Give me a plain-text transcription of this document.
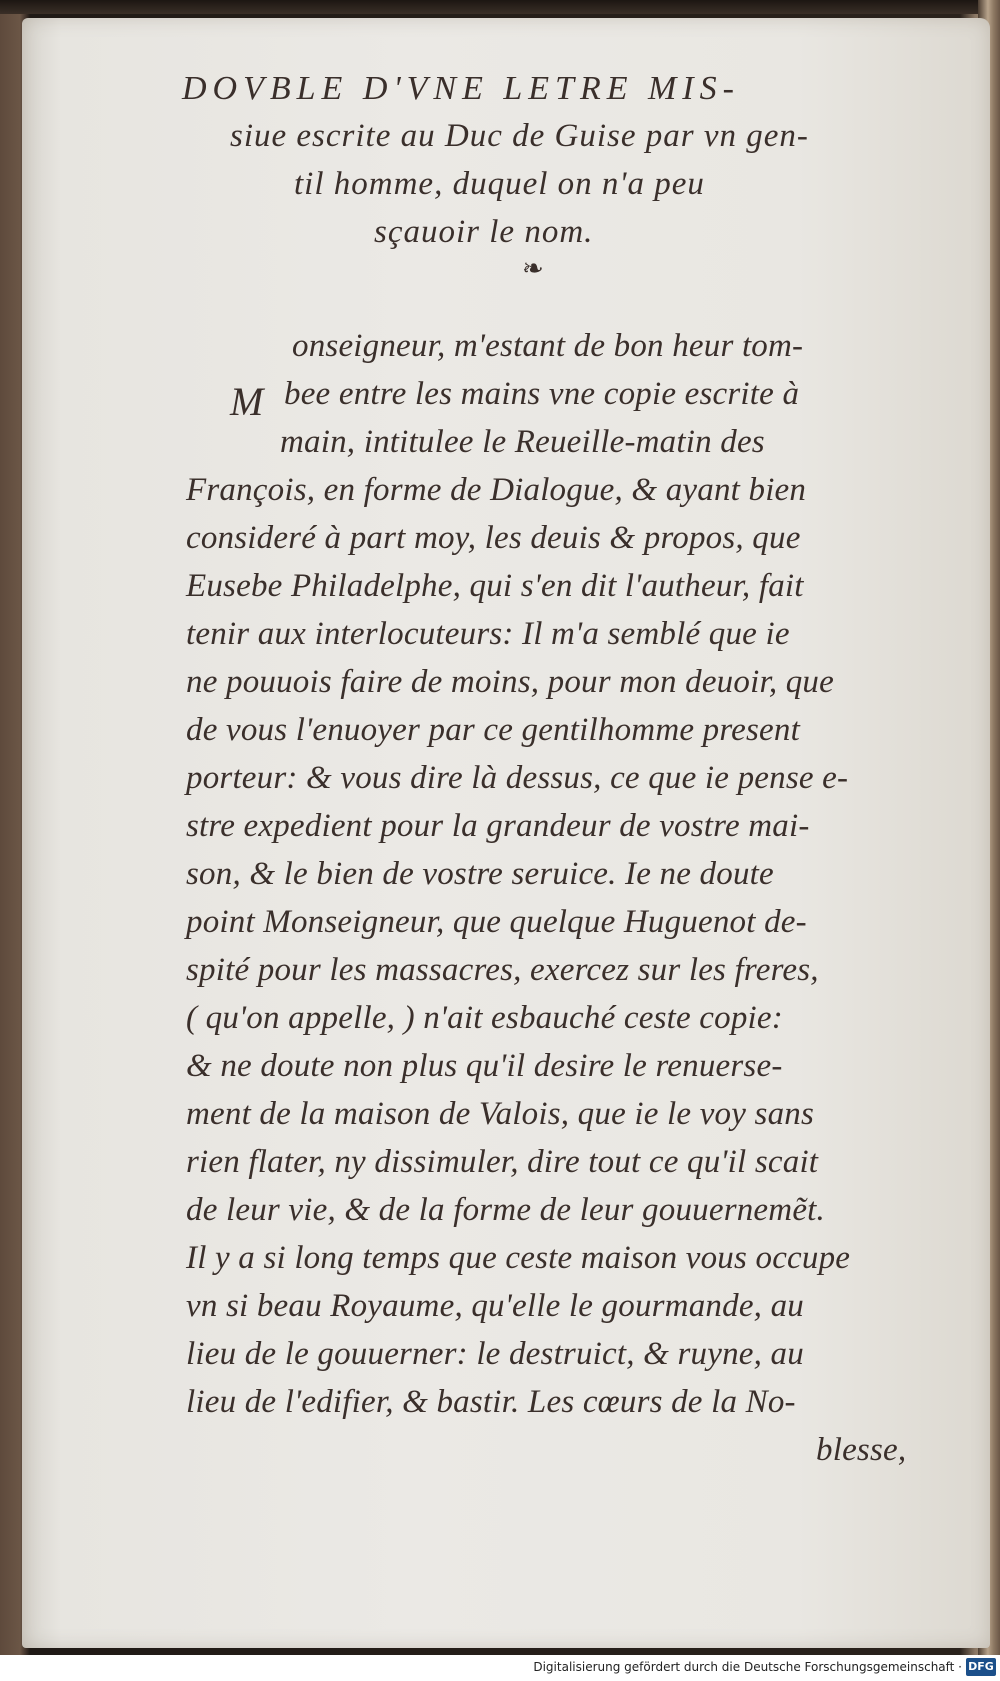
DOVBLE D'VNE LETRE MIS-
siue escrite au Duc de Guise par vn gen-
til homme, duquel on n'a peu
sçauoir le nom.
❧
M
onseigneur, m'estant de bon heur tom-
bee entre les mains vne copie escrite à
main, intitulee le Reueille-matin des
François, en forme de Dialogue, & ayant bien
consideré à part moy, les deuis & propos, que
Eusebe Philadelphe, qui s'en dit l'autheur, fait
tenir aux interlocuteurs: Il m'a semblé que ie
ne pouuois faire de moins, pour mon deuoir, que
de vous l'enuoyer par ce gentilhomme present
porteur: & vous dire là dessus, ce que ie pense e-
stre expedient pour la grandeur de vostre mai-
son, & le bien de vostre seruice. Ie ne doute
point Monseigneur, que quelque Huguenot de-
spité pour les massacres, exercez sur les freres,
( qu'on appelle, ) n'ait esbauché ceste copie:
& ne doute non plus qu'il desire le renuerse-
ment de la maison de Valois, que ie le voy sans
rien flater, ny dissimuler, dire tout ce qu'il scait
de leur vie, & de la forme de leur gouuernemẽt.
Il y a si long temps que ceste maison vous occupe
vn si beau Royaume, qu'elle le gourmande, au
lieu de le gouuerner: le destruict, & ruyne, au
lieu de l'edifier, & bastir. Les cœurs de la No-
blesse,
Digitalisierung gefördert durch die Deutsche Forschungsgemeinschaft · DFG
